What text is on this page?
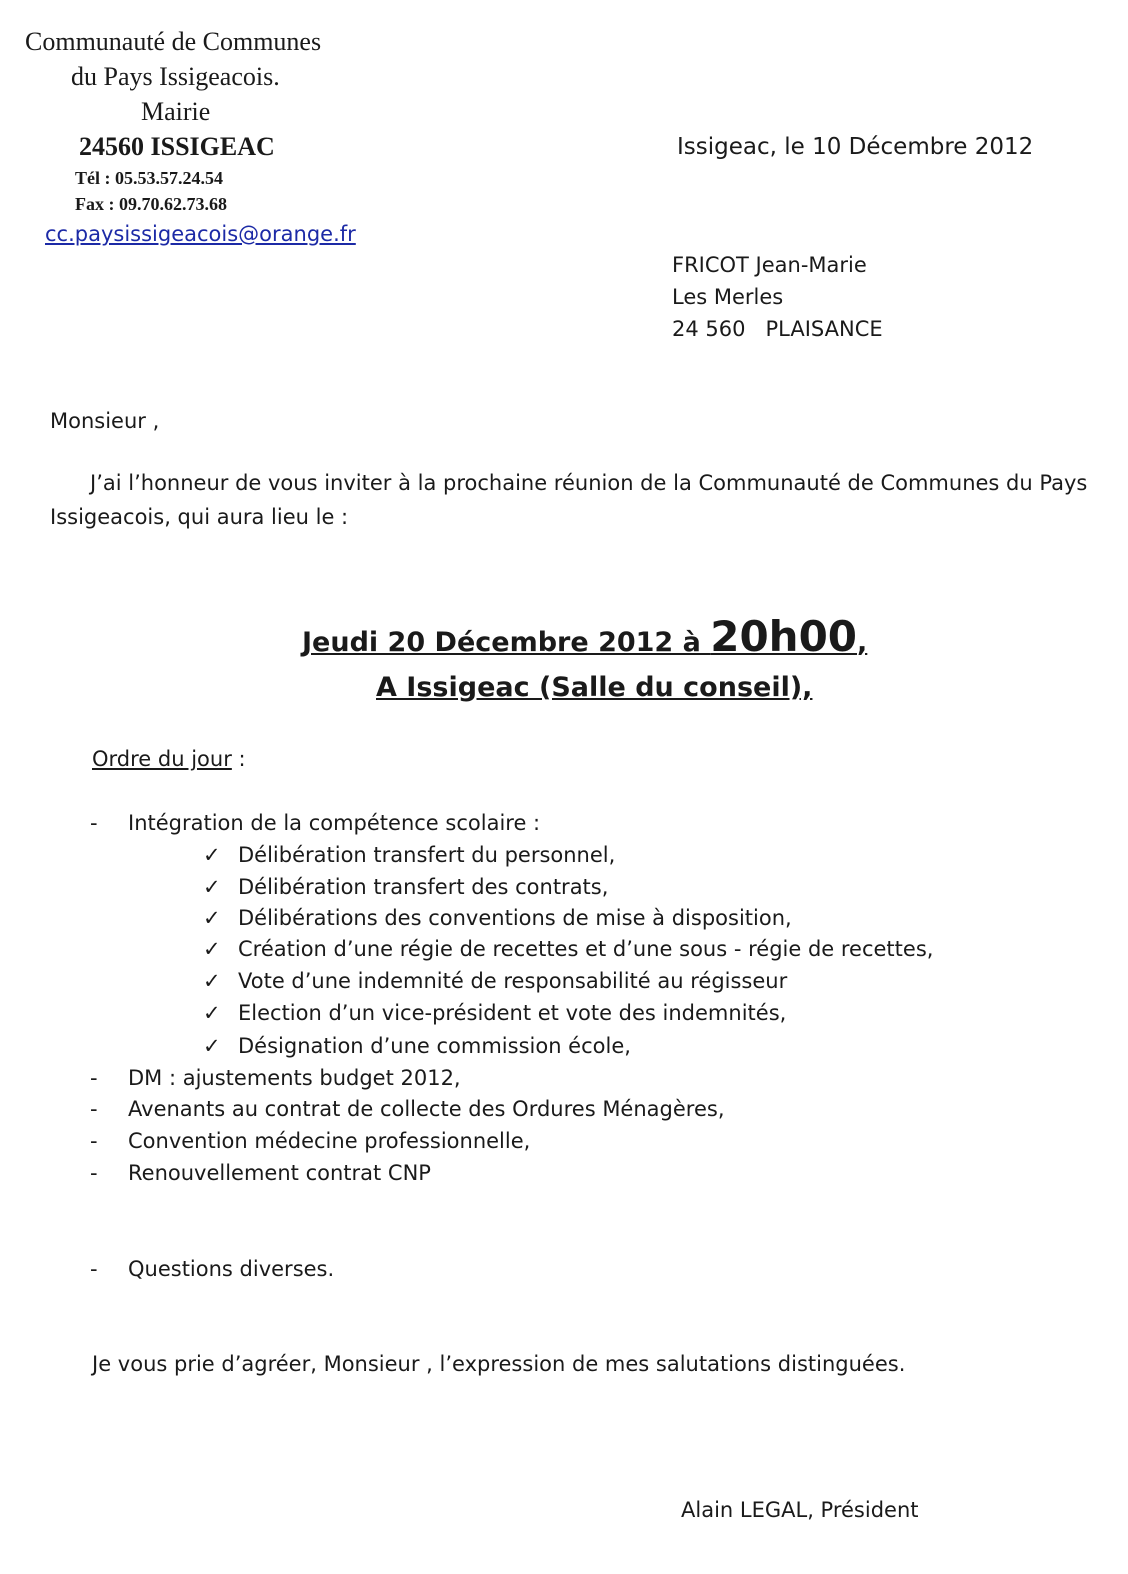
Communauté de Communes
du Pays Issigeacois.
Mairie
24560 ISSIGEAC
Tél : 05.53.57.24.54
Fax : 09.70.62.73.68
cc.paysissigeacois@orange.fr
Issigeac, le 10 Décembre 2012
FRICOT Jean-Marie
Les Merles
24 560   PLAISANCE
Monsieur ,
J’ai l’honneur de vous inviter à la prochaine réunion de la Communauté de Communes du Pays
Issigeacois, qui aura lieu le :
Jeudi 20 Décembre 2012 à 20h00,
A Issigeac (Salle du conseil),
Ordre du jour :
- Intégration de la compétence scolaire :
✓ Délibération transfert du personnel,
✓ Délibération transfert des contrats,
✓ Délibérations des conventions de mise à disposition,
✓ Création d’une régie de recettes et d’une sous - régie de recettes,
✓ Vote d’une indemnité de responsabilité au régisseur
✓ Election d’un vice-président et vote des indemnités,
✓ Désignation d’une commission école,
- DM : ajustements budget 2012,
- Avenants au contrat de collecte des Ordures Ménagères,
- Convention médecine professionnelle,
- Renouvellement contrat CNP
- Questions diverses.
Je vous prie d’agréer, Monsieur , l’expression de mes salutations distinguées.
Alain LEGAL, Président
